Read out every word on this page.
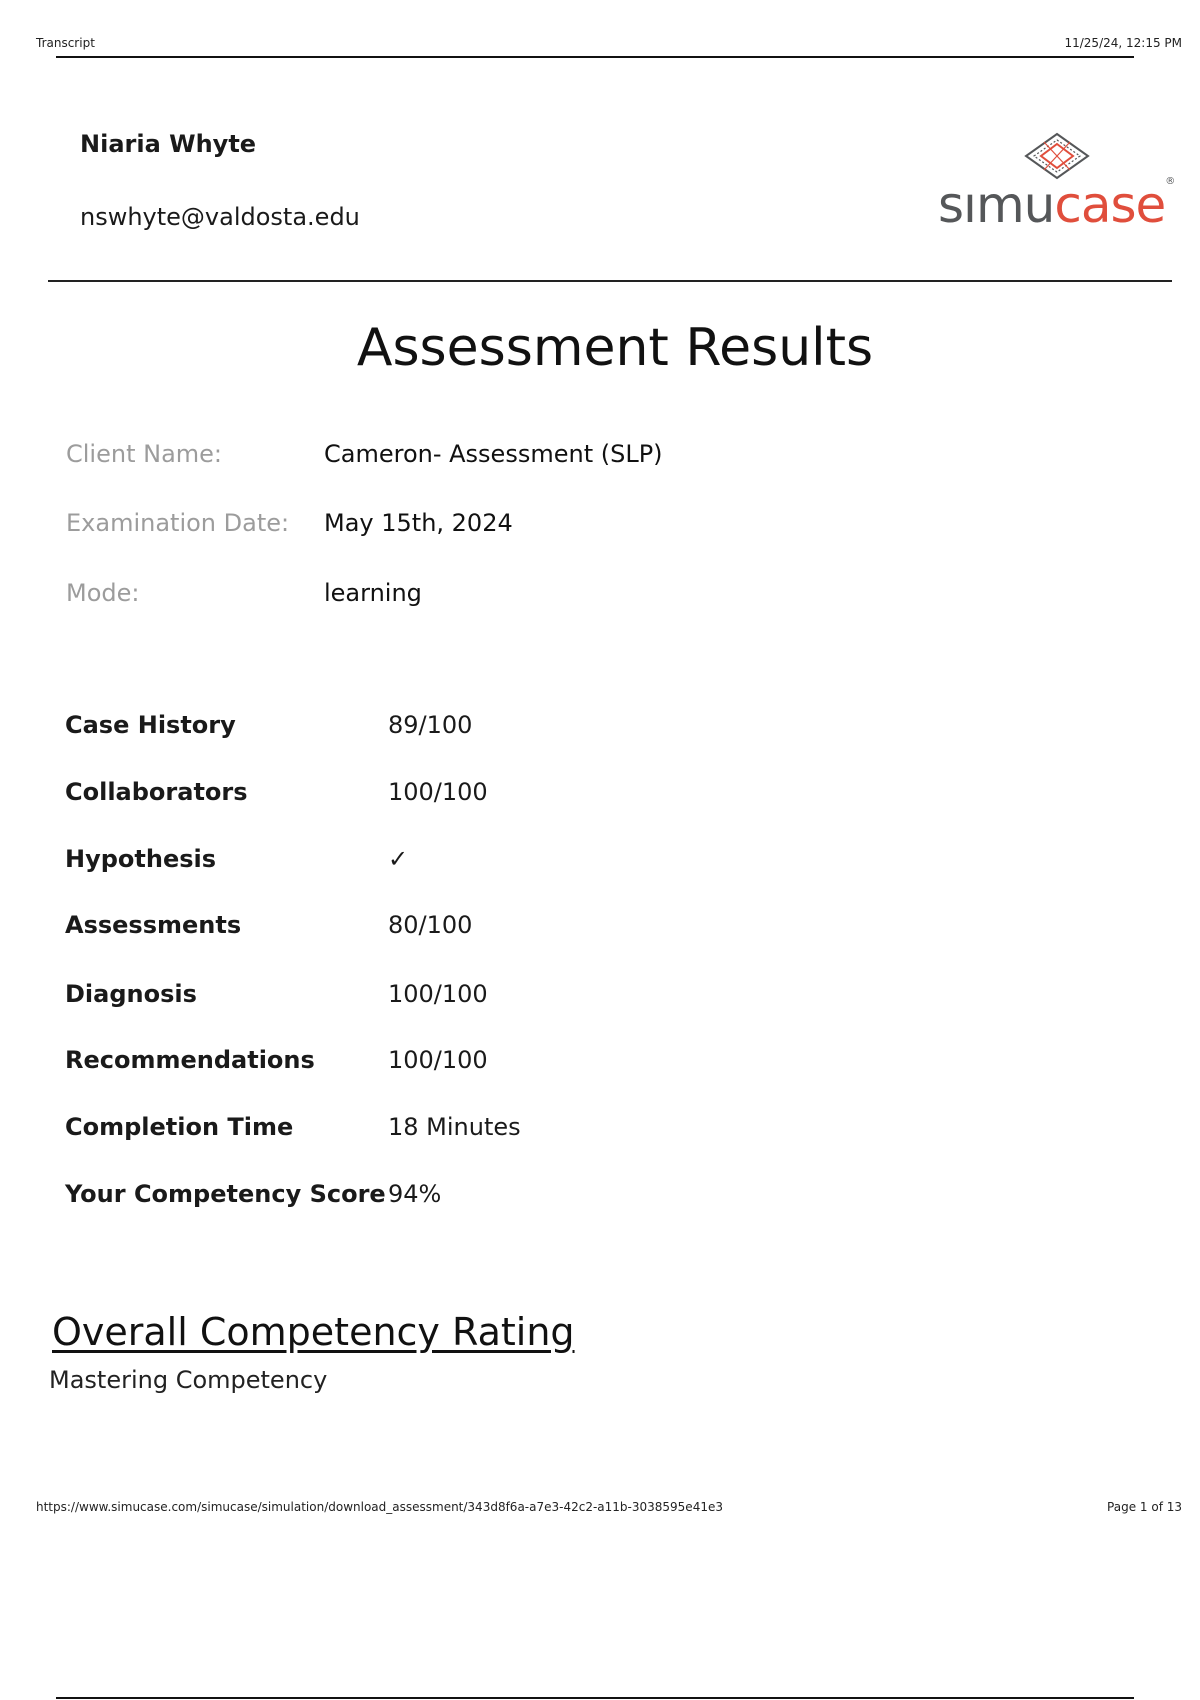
Transcript	11/25/24, 12:15 PM
Niaria Whyte
nswhyte@valdosta.edu	sımucase®
Assessment Results
Client Name:	Cameron- Assessment (SLP)
Examination Date: May 15th, 2024
Mode:	learning
Case History	89/100
Collaborators	100/100
Hypothesis	✓
Assessments	80/100
Diagnosis	100/100
Recommendations	100/100
Completion Time	18 Minutes
Your Competency Score 94%
Overall Competency Rating
Mastering Competency
https://www.simucase.com/simucase/simulation/download_assessment/343d8f6a-a7e3-42c2-a11b-3038595e41e3	Page 1 of 13
